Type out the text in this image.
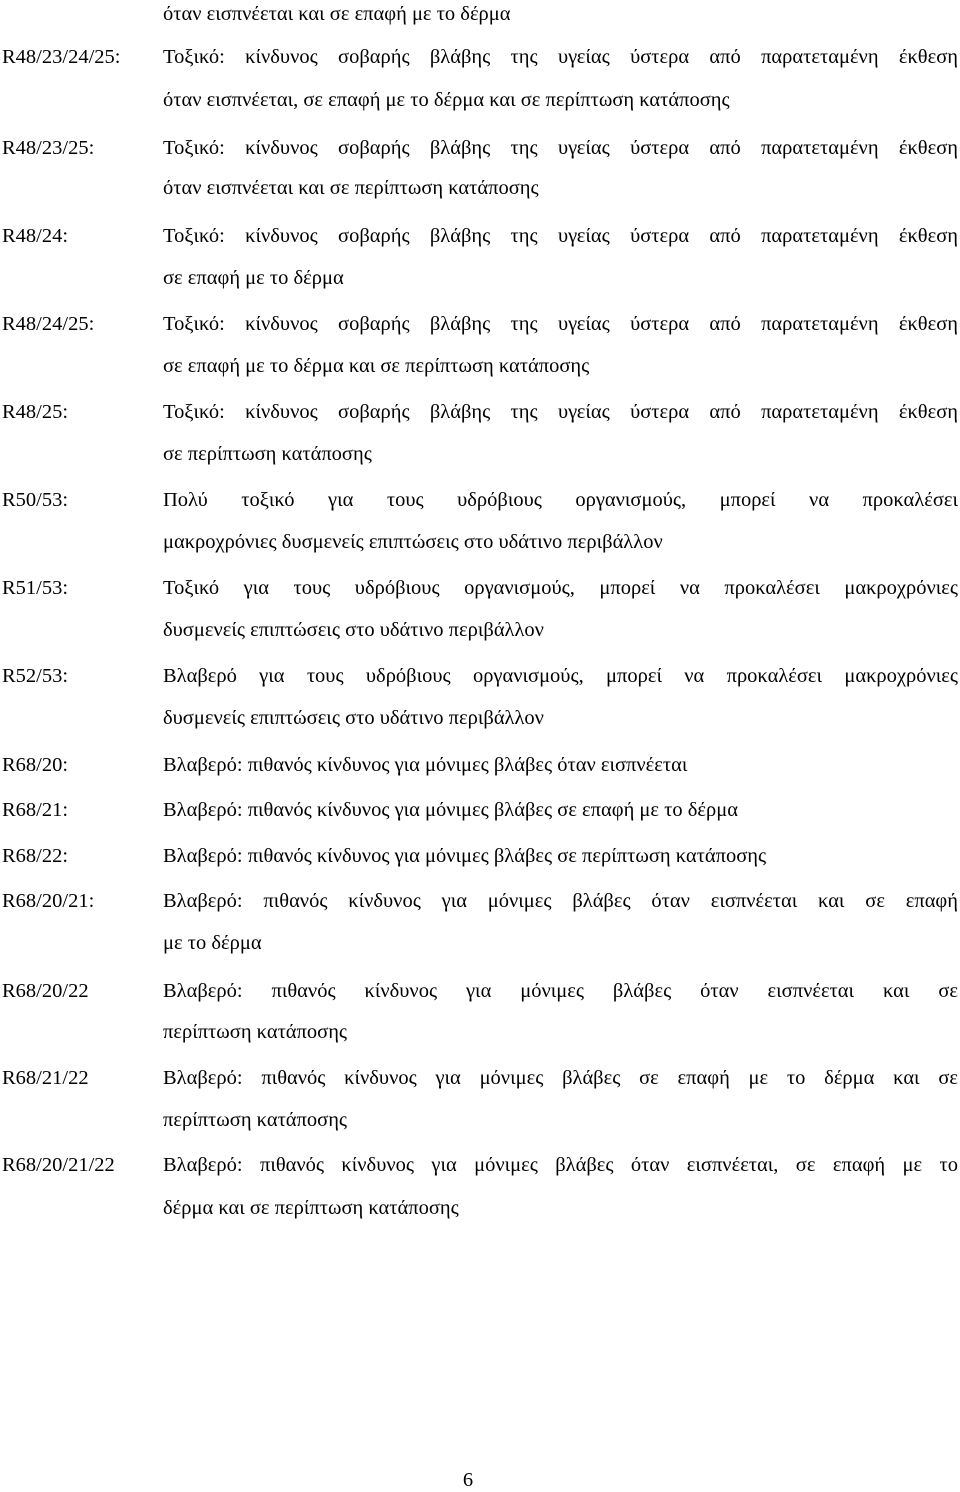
όταν εισπνέεται και σε επαφή με το δέρμα
R48/23/24/25: Τοξικό: κίνδυνος σοβαρής βλάβης της υγείας ύστερα από παρατεταμένη έκθεση
όταν εισπνέεται, σε επαφή με το δέρμα και σε περίπτωση κατάποσης
R48/23/25:	Τοξικό: κίνδυνος σοβαρής βλάβης της υγείας ύστερα από παρατεταμένη έκθεση
όταν εισπνέεται και σε περίπτωση κατάποσης
R48/24:	Τοξικό: κίνδυνος σοβαρής βλάβης της υγείας ύστερα από παρατεταμένη έκθεση
σε επαφή με το δέρμα
R48/24/25:	Τοξικό: κίνδυνος σοβαρής βλάβης της υγείας ύστερα από παρατεταμένη έκθεση
σε επαφή με το δέρμα και σε περίπτωση κατάποσης
R48/25:	Τοξικό: κίνδυνος σοβαρής βλάβης της υγείας ύστερα από παρατεταμένη έκθεση
σε περίπτωση κατάποσης
R50/53:	Πολύ τοξικό για τους υδρόβιους οργανισμούς, μπορεί να προκαλέσει
μακροχρόνιες δυσμενείς επιπτώσεις στο υδάτινο περιβάλλον
R51/53:	Τοξικό για τους υδρόβιους οργανισμούς, μπορεί να προκαλέσει μακροχρόνιες
δυσμενείς επιπτώσεις στο υδάτινο περιβάλλον
R52/53:	Βλαβερό για τους υδρόβιους οργανισμούς, μπορεί να προκαλέσει μακροχρόνιες
δυσμενείς επιπτώσεις στο υδάτινο περιβάλλον
R68/20:	Βλαβερό: πιθανός κίνδυνος για μόνιμες βλάβες όταν εισπνέεται
R68/21:	Βλαβερό: πιθανός κίνδυνος για μόνιμες βλάβες σε επαφή με το δέρμα
R68/22:	Βλαβερό: πιθανός κίνδυνος για μόνιμες βλάβες σε περίπτωση κατάποσης
R68/20/21:	Βλαβερό: πιθανός κίνδυνος για μόνιμες βλάβες όταν εισπνέεται και σε επαφή
με το δέρμα
R68/20/22	Βλαβερό: πιθανός κίνδυνος για μόνιμες βλάβες όταν εισπνέεται και σε
περίπτωση κατάποσης
R68/21/22	Βλαβερό: πιθανός κίνδυνος για μόνιμες βλάβες σε επαφή με το δέρμα και σε
περίπτωση κατάποσης
R68/20/21/22 Βλαβερό: πιθανός κίνδυνος για μόνιμες βλάβες όταν εισπνέεται, σε επαφή με το
δέρμα και σε περίπτωση κατάποσης
6
